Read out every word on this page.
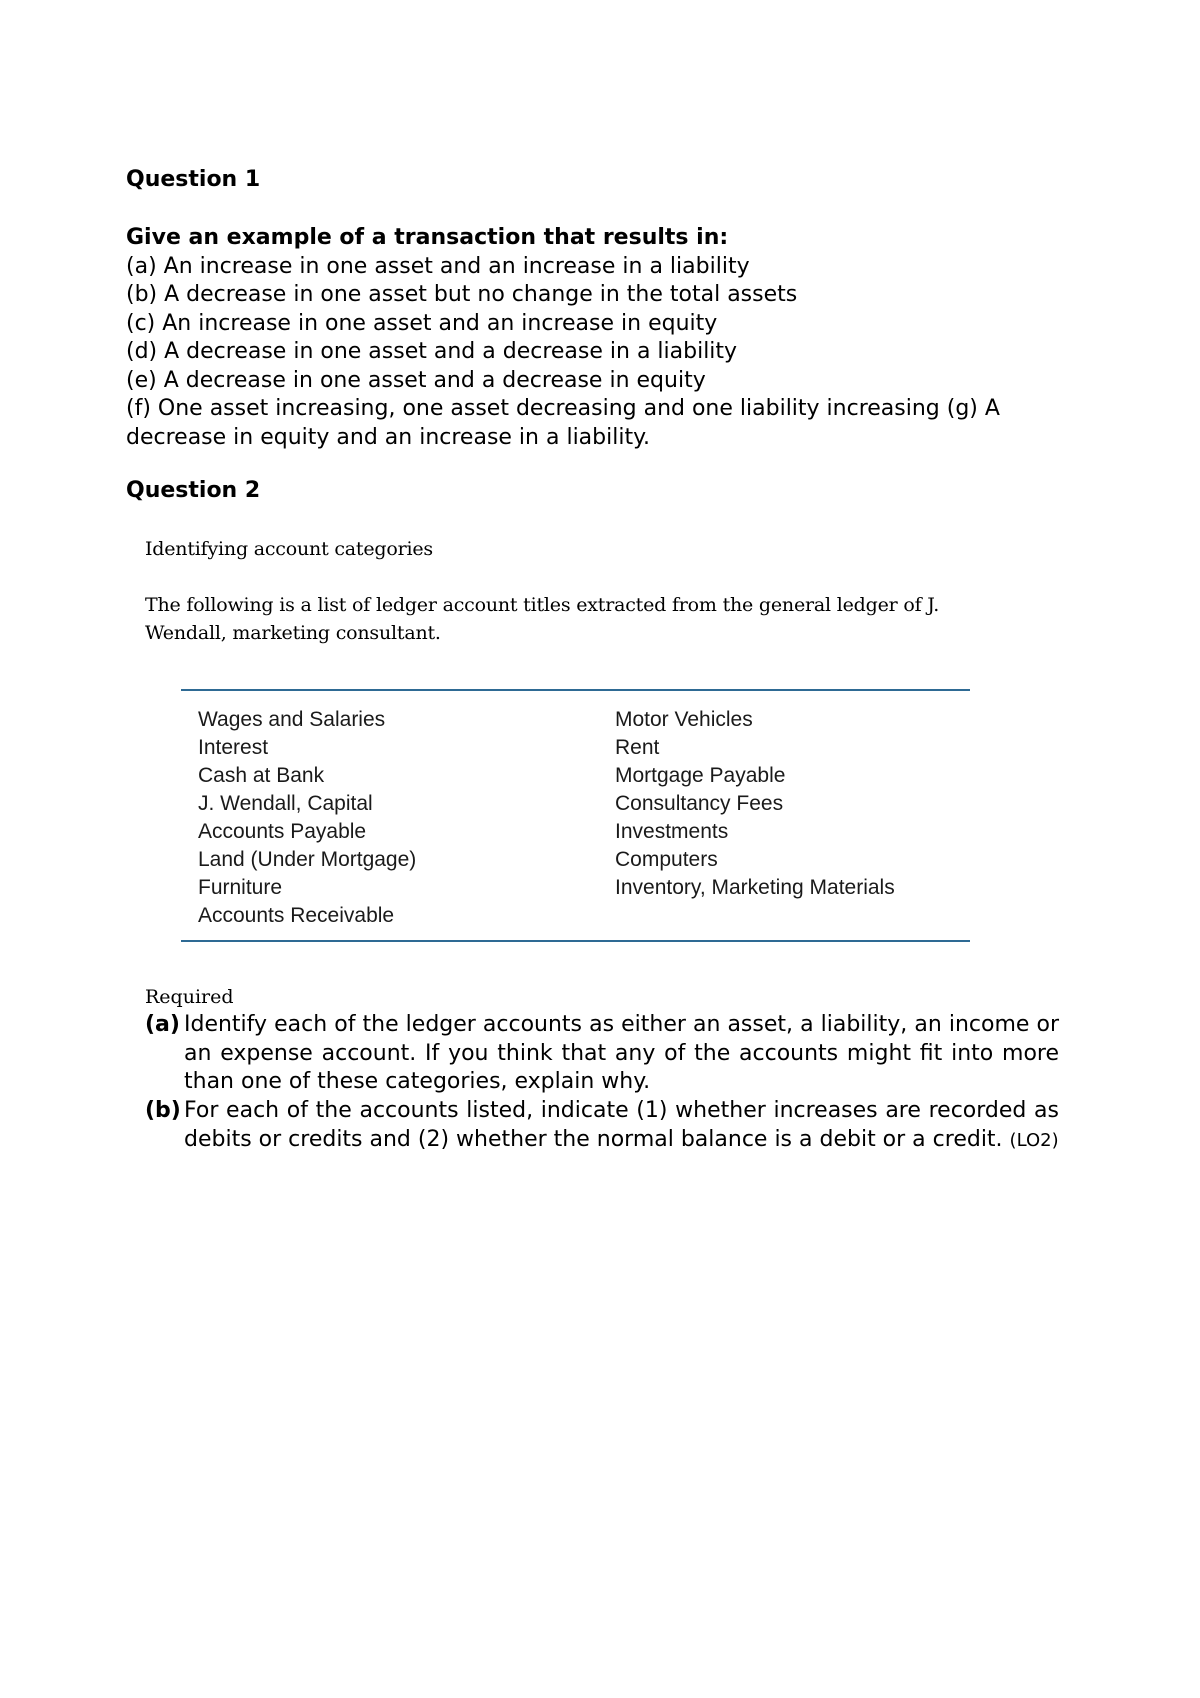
Question 1
Give an example of a transaction that results in:
(a) An increase in one asset and an increase in a liability
(b) A decrease in one asset but no change in the total assets
(c) An increase in one asset and an increase in equity
(d) A decrease in one asset and a decrease in a liability
(e) A decrease in one asset and a decrease in equity
(f) One asset increasing, one asset decreasing and one liability increasing (g) A decrease in equity and an increase in a liability.
Question 2

Identifying account categories

The following is a list of ledger account titles extracted from the general ledger of J. Wendall, marketing consultant.

Wages and Salaries
Interest
Cash at Bank
J. Wendall, Capital
Accounts Payable
Land (Under Mortgage)
Furniture
Accounts Receivable
Motor Vehicles
Rent
Mortgage Payable
Consultancy Fees
Investments
Computers
Inventory, Marketing Materials
Required
(a) Identify each of the ledger accounts as either an asset, a liability, an income or an expense account. If you think that any of the accounts might fit into more than one of these categories, explain why.
(b) For each of the accounts listed, indicate (1) whether increases are recorded as debits or credits and (2) whether the normal balance is a debit or a credit. (LO2)
